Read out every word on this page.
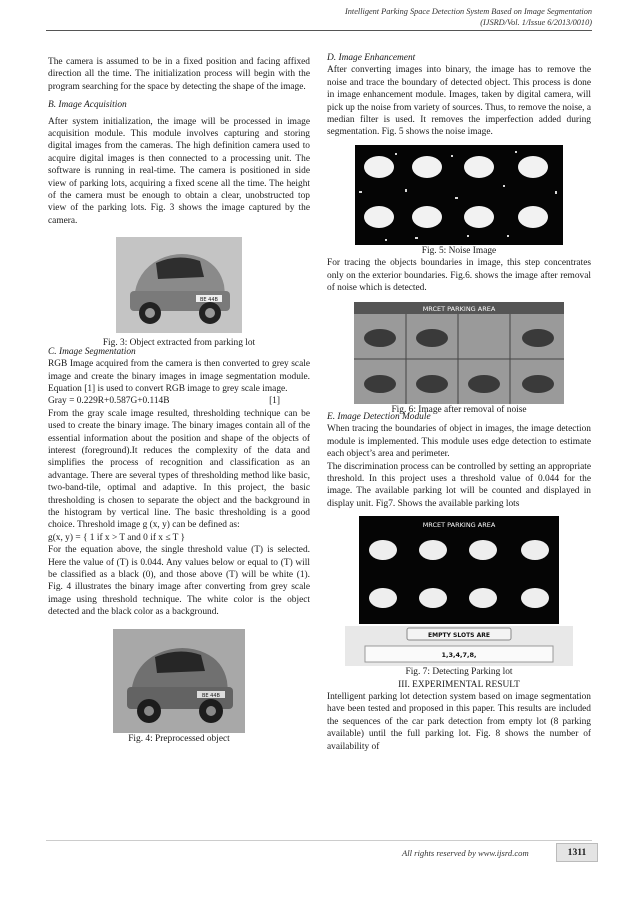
Intelligent Parking Space Detection System Based on Image Segmentation
(IJSRD/Vol. 1/Issue 6/2013/0010)

The camera is assumed to be in a fixed position and facing affixed direction all the time. The initialization process will begin with the program searching for the space by detecting the shape of the image.

B. Image Acquisition

After system initialization, the image will be processed in image acquisition module. This module involves capturing and storing digital images from the cameras. The high definition camera used to acquire digital images is then connected to a processing unit. The software is running in real-time. The camera is positioned in side view of parking lots, acquiring a fixed scene all the time. The height of the camera must be enough to obtain a clear, unobstructed top view of the parking lots. Fig. 3 shows the image captured by the camera.

BE 44B

Fig. 3: Object extracted from parking lot

C. Image Segmentation

RGB Image acquired from the camera is then converted to grey scale image and create the binary images in image segmentation module. Equation [1] is used to convert RGB image to grey scale image.

Gray = 0.229R+0.587G+0.114B	[1]

From the gray scale image resulted, thresholding technique can be used to create the binary image. The binary images contain all of the essential information about the position and shape of the objects of interest (foreground).It reduces the complexity of the data and simplifies the process of recognition and classification as an advantage. There are several types of thresholding method like basic, two-band-tile, optimal and adaptive. In this project, the basic thresholding is chosen to separate the object and the background in the histogram by vertical line. The basic thresholding is a good choice. Threshold image g (x, y) can be defined as:

g(x, y) = { 1 if x > T and 0 if x ≤ T }

For the equation above, the single threshold value (T) is selected. Here the value of (T) is 0.044. Any values below or equal to (T) will be classified as a black (0), and those above (T) will be white (1). Fig. 4 illustrates the binary image after converting from grey scale image using threshold technique. The white color is the object detected and the black color as a background.

BE 44B

Fig. 4: Preprocessed object

D. Image Enhancement

After converting images into binary, the image has to remove the noise and trace the boundary of detected object. This process is done in image enhancement module. Images, taken by digital camera, will pick up the noise from variety of sources. Thus, to remove the noise, a median filter is used. It removes the imperfection added during segmentation. Fig. 5 shows the noise image.

Fig. 5: Noise Image

For tracing the objects boundaries in image, this step concentrates only on the exterior boundaries. Fig.6. shows the image after removal of noise which is detected.

MRCET PARKING AREA

Fig. 6: Image after removal of noise

E. Image Detection Module

When tracing the boundaries of object in images, the image detection module is implemented. This module uses edge detection to estimate each object’s area and perimeter.

The discrimination process can be controlled by setting an appropriate threshold. In this project uses a threshold value of 0.044 for the image. The available parking lot will be counted and displayed in display unit. Fig7. Shows the available parking lots

MRCET PARKING AREA
EMPTY SLOTS ARE
1,3,4,7,8,

Fig. 7: Detecting Parking lot

III. EXPERIMENTAL RESULT

Intelligent parking lot detection system based on image segmentation have been tested and proposed in this paper. This results are included the sequences of the car park detection from empty lot (8 parking available) until the full parking lot. Fig. 8 shows the number of availability of

All rights reserved by www.ijsrd.com	1311
